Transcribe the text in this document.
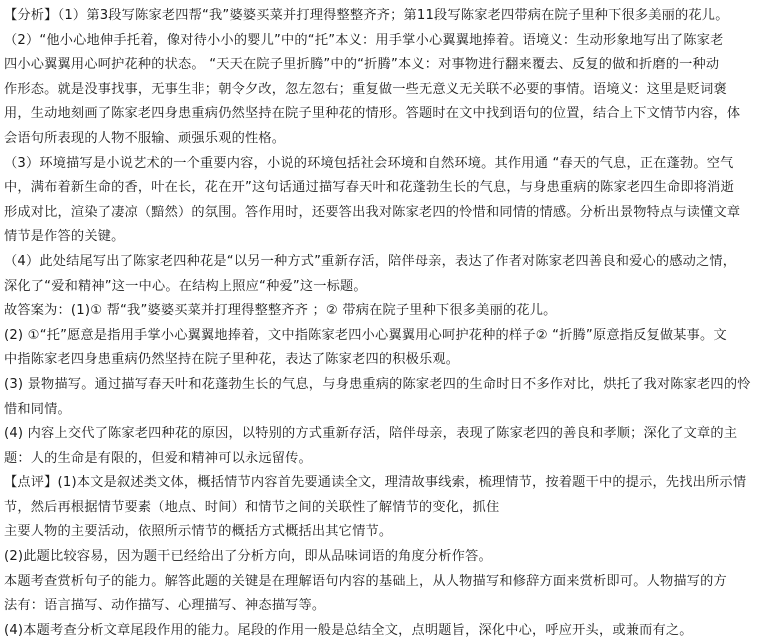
【分析】（1）第3段写陈家老四帮“我”婆婆买菜并打理得整整齐齐；第11段写陈家老四带病在院子里种下很多美丽的花儿。
（2）“他小心地伸手托着，像对待小小的婴儿”中的“托”本义：用手掌小心翼翼地捧着。语境义：生动形象地写出了陈家老
四小心翼翼用心呵护花种的状态。 “天天在院子里折腾”中的“折腾”本义：对事物进行翻来覆去、反复的做和折磨的一种动
作形态。就是没事找事，无事生非；朝令夕改，忽左忽右；重复做一些无意义无关联不必要的事情。语境义：这里是贬词褒
用，生动地刻画了陈家老四身患重病仍然坚持在院子里种花的情形。答题时在文中找到语句的位置，结合上下文情节内容，体
会语句所表现的人物不服输、顽强乐观的性格。
（3）环境描写是小说艺术的一个重要内容，小说的环境包括社会环境和自然环境。其作用通 “春天的气息，正在蓬勃。空气
中，满布着新生命的香，叶在长，花在开”这句话通过描写春天叶和花蓬勃生长的气息，与身患重病的陈家老四生命即将消逝
形成对比，渲染了凄凉（黯然）的氛围。答作用时，还要答出我对陈家老四的怜惜和同情的情感。分析出景物特点与读懂文章
情节是作答的关键。
（4）此处结尾写出了陈家老四种花是“以另一种方式”重新存活，陪伴母亲，表达了作者对陈家老四善良和爱心的感动之情，
深化了“爱和精神”这一中心。在结构上照应“种爱”这一标题。
故答案为：(1)① 帮“我”婆婆买菜并打理得整整齐齐 ；② 带病在院子里种下很多美丽的花儿。
(2) ①“托”愿意是指用手掌小心翼翼地捧着，文中指陈家老四小心翼翼用心呵护花种的样子② “折腾”原意指反复做某事。文
中指陈家老四身患重病仍然坚持在院子里种花，表达了陈家老四的积极乐观。
(3) 景物描写。通过描写春天叶和花蓬勃生长的气息，与身患重病的陈家老四的生命时日不多作对比，烘托了我对陈家老四的怜
惜和同情。
(4) 内容上交代了陈家老四种花的原因，以特别的方式重新存活，陪伴母亲，表现了陈家老四的善良和孝顺；深化了文章的主
题：人的生命是有限的，但爱和精神可以永远留传。
【点评】(1)本文是叙述类文体，概括情节内容首先要通读全文，理清故事线索，梳理情节，按着题干中的提示，先找出所示情
节，然后再根据情节要素（地点、时间）和情节之间的关联性了解情节的变化，抓住
主要人物的主要活动，依照所示情节的概括方式概括出其它情节。
(2)此题比较容易，因为题干已经给出了分析方向，即从品味词语的角度分析作答。
本题考查赏析句子的能力。解答此题的关键是在理解语句内容的基础上，从人物描写和修辞方面来赏析即可。人物描写的方
法有：语言描写、动作描写、心理描写、神态描写等。
(4)本题考查分析文章尾段作用的能力。尾段的作用一般是总结全文，点明题旨，深化中心，呼应开头，或兼而有之。
